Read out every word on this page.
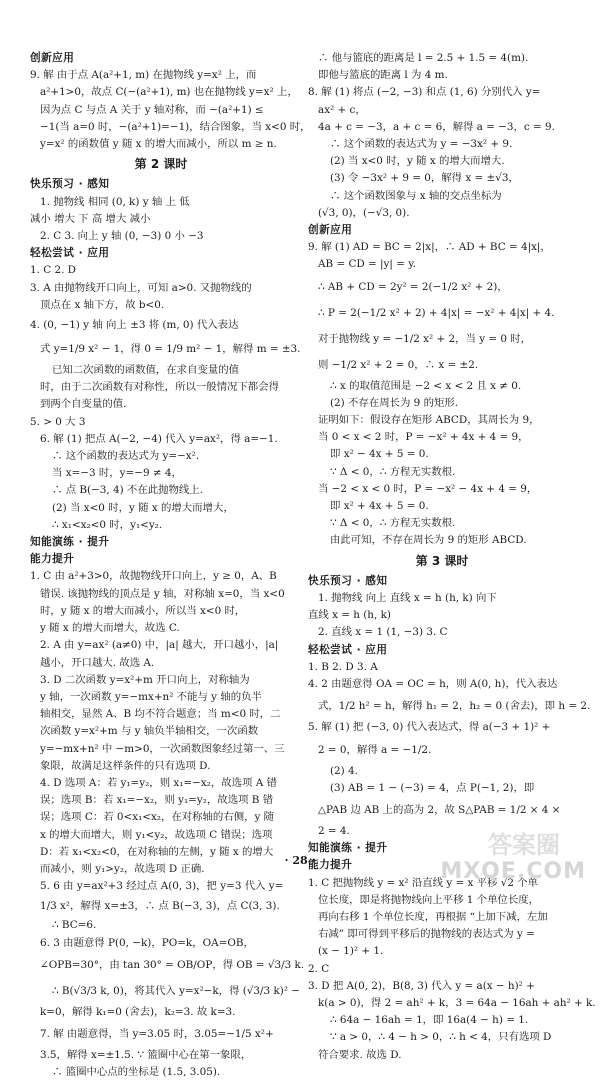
创新应用
9. 解 由于点 A(a²+1, m) 在抛物线 y=x² 上，而
a²+1>0，故点 C(−(a²+1), m) 也在抛物线 y=x² 上，
因为点 C 与点 A 关于 y 轴对称，而 −(a²+1) ≤
−1(当 a=0 时，−(a²+1)=−1)，结合图象，当 x<0 时，
y=x² 的函数值 y 随 x 的增大而减小，所以 m ≥ n.
第 2 课时
快乐预习 · 感知
1. 抛物线 相同 (0, k) y 轴 上 低
减小 增大 下 高 增大 减小
2. C 3. 向上 y 轴 (0, −3) 0 小 −3
轻松尝试 · 应用
1. C 2. D
3. A 由抛物线开口向上，可知 a>0. 又抛物线的
顶点在 x 轴下方，故 b<0.
4. (0, −1) y 轴 向上 ±3 将 (m, 0) 代入表达
式 y=1/9 x² − 1，得 0 = 1/9 m² − 1，解得 m = ±3.
已知二次函数的函数值，在求自变量的值
时，由于二次函数有对称性，所以一般情况下都会得
到两个自变量的值.
5. > 0 大 3
6. 解 (1) 把点 A(−2, −4) 代入 y=ax²，得 a=−1.
∴ 这个函数的表达式为 y=−x².
当 x=−3 时，y=−9 ≠ 4，
∴ 点 B(−3, 4) 不在此抛物线上.
(2) 当 x<0 时，y 随 x 的增大而增大，
∴ x₁<x₂<0 时，y₁<y₂.
知能演练 · 提升
能力提升
1. C 由 a²+3>0，故抛物线开口向上，y ≥ 0，A、B
错误. 该抛物线的顶点是 y 轴，对称轴 x=0，当 x<0
时，y 随 x 的增大而减小，所以当 x<0 时，
y 随 x 的增大而增大，故选 C.
2. A 由 y=ax² (a≠0) 中，|a| 越大，开口越小，|a|
越小，开口越大. 故选 A.
3. D 二次函数 y=x²+m 开口向上，对称轴为
y 轴，一次函数 y=−mx+n² 不能与 y 轴的负半
轴相交，显然 A、B 均不符合题意；当 m<0 时，二
次函数 y=x²+m 与 y 轴负半轴相交，一次函数
y=−mx+n² 中 −m>0，一次函数图象经过第一、三
象限，故满足这样条件的只有选项 D.
4. D 选项 A：若 y₁=y₂，则 x₁=−x₂，故选项 A 错
误；选项 B：若 x₁=−x₂，则 y₁=y₂，故选项 B 错
误；选项 C：若 0<x₁<x₂，在对称轴的右侧，y 随
x 的增大而增大，则 y₁<y₂，故选项 C 错误；选项
D：若 x₁<x₂<0，在对称轴的左侧，y 随 x 的增大
而减小，则 y₁>y₂，故选项 D 正确.
5. 6 由 y=ax²+3 经过点 A(0, 3)，把 y=3 代入 y=
1/3 x²，解得 x=±3，∴ 点 B(−3, 3)，点 C(3, 3).
∴ BC=6.
6. 3 由题意得 P(0, −k)，PO=k，OA=OB，
∠OPB=30°，由 tan 30° = OB/OP，得 OB = √3/3 k.
∴ B(√3/3 k, 0)，将其代入 y=x²−k，得 (√3/3 k)² −
k=0，解得 k₁=0 (舍去)，k₂=3. 故 k=3.
7. 解 由题意得，当 y=3.05 时，3.05=−1/5 x²+
3.5，解得 x=±1.5. ∵ 篮圈中心在第一象限，
∴ 篮圈中心点的坐标是 (1.5, 3.05).
∴ 他与篮底的距离是 l = 2.5 + 1.5 = 4(m).
即他与篮底的距离 l 为 4 m.
8. 解 (1) 将点 (−2, −3) 和点 (1, 6) 分别代入 y=
ax² + c，
4a + c = −3，a + c = 6，解得 a = −3，c = 9.
∴ 这个函数的表达式为 y = −3x² + 9.
(2) 当 x<0 时，y 随 x 的增大而增大.
(3) 令 −3x² + 9 = 0，解得 x = ±√3，
∴ 这个函数图象与 x 轴的交点坐标为
(√3, 0)，(−√3, 0).
创新应用
9. 解 (1) AD = BC = 2|x|，∴ AD + BC = 4|x|，
AB = CD = |y| = y.
∴ AB + CD = 2y² = 2(−1/2 x² + 2)，
∴ P = 2(−1/2 x² + 2) + 4|x| = −x² + 4|x| + 4.
对于抛物线 y = −1/2 x² + 2，当 y = 0 时，
则 −1/2 x² + 2 = 0，∴ x = ±2.
∴ x 的取值范围是 −2 < x < 2 且 x ≠ 0.
(2) 不存在周长为 9 的矩形.
证明如下：假设存在矩形 ABCD，其周长为 9，
当 0 < x < 2 时，P = −x² + 4x + 4 = 9，
即 x² − 4x + 5 = 0.
∵ Δ < 0，∴ 方程无实数根.
当 −2 < x < 0 时，P = −x² − 4x + 4 = 9，
即 x² + 4x + 5 = 0.
∵ Δ < 0，∴ 方程无实数根.
由此可知，不存在周长为 9 的矩形 ABCD.
第 3 课时
快乐预习 · 感知
1. 抛物线 向上 直线 x = h (h, k) 向下
直线 x = h (h, k)
2. 直线 x = 1 (1, −3) 3. C
轻松尝试 · 应用
1. B 2. D 3. A
4. 2 由题意得 OA = OC = h，则 A(0, h)，代入表达
式，1/2 h² = h，解得 h₁ = 2，h₂ = 0 (舍去)，即 h = 2.
5. 解 (1) 把 (−3, 0) 代入表达式，得 a(−3 + 1)² +
2 = 0，解得 a = −1/2.
(2) 4.
(3) AB = 1 − (−3) = 4，点 P(−1, 2)，即
△PAB 边 AB 上的高为 2，故 S△PAB = 1/2 × 4 ×
2 = 4.
知能演练 · 提升
能力提升
1. C 把抛物线 y = x² 沿直线 y = x 平移 √2 个单
位长度，即是将抛物线向上平移 1 个单位长度，
再向右移 1 个单位长度，再根据 “上加下减，左加
右减” 即可得到平移后的抛物线的表达式为 y =
(x − 1)² + 1.
2. C
3. D 把 A(0, 2)，B(8, 3) 代入 y = a(x − h)² +
k(a > 0)，得 2 = ah² + k，3 = 64a − 16ah + ah² + k.
∴ 64a − 16ah = 1，即 16a(4 − h) = 1.
∵ a > 0，∴ 4 − h > 0，∴ h < 4，只有选项 D
符合要求. 故选 D.
· 28 ·
答案圈
MXQE.COM
